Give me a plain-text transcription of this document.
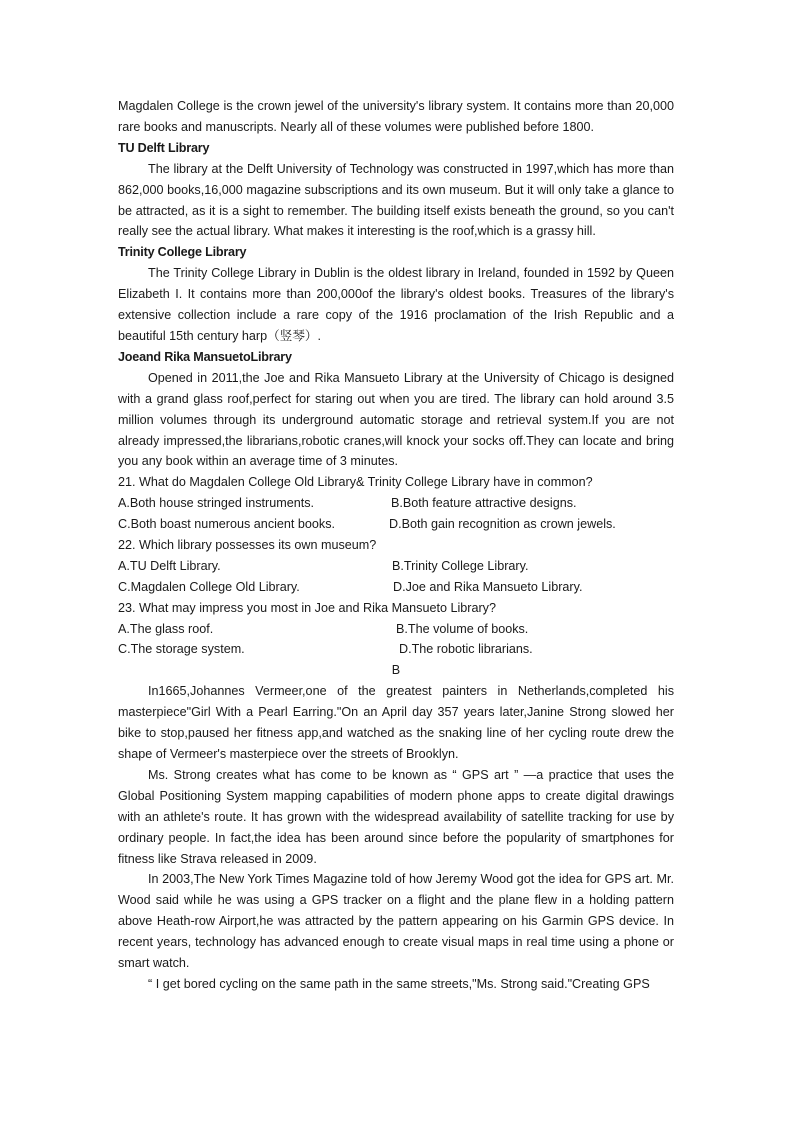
Magdalen College is the crown jewel of the university's library system. It contains more than 20,000 rare books and manuscripts. Nearly all of these volumes were published before 1800.

TU Delft Library

The library at the Delft University of Technology was constructed in 1997,which has more than 862,000 books,16,000 magazine subscriptions and its own museum. But it will only take a glance to be attracted, as it is a sight to remember. The building itself exists beneath the ground, so you can't really see the actual library. What makes it interesting is the roof,which is a grassy hill.

Trinity College Library

The Trinity College Library in Dublin is the oldest library in Ireland, founded in 1592 by Queen Elizabeth I. It contains more than 200,000of the library's oldest books. Treasures of the library's extensive collection include a rare copy of the 1916 proclamation of the Irish Republic and a beautiful 15th century harp（竖琴）.

Joeand Rika MansuetoLibrary

Opened in 2011,the Joe and Rika Mansueto Library at the University of Chicago is designed with a grand glass roof,perfect for staring out when you are tired. The library can hold around 3.5 million volumes through its underground automatic storage and retrieval system.If you are not already impressed,the librarians,robotic cranes,will knock your socks off.They can locate and bring you any book within an average time of 3 minutes.

21. What do Magdalen College Old Library& Trinity College Library have in common?

A.Both house stringed instruments.	B.Both feature attractive designs.
C.Both boast numerous ancient books.	D.Both gain recognition as crown jewels.

22. Which library possesses its own museum?

A.TU Delft Library.	B.Trinity College Library.
C.Magdalen College Old Library.	D.Joe and Rika Mansueto Library.

23. What may impress you most in Joe and Rika Mansueto Library?

A.The glass roof.	B.The volume of books.
C.The storage system.	D.The robotic librarians.

B

In1665,Johannes Vermeer,one of the greatest painters in Netherlands,completed his masterpiece"Girl With a Pearl Earring."On an April day 357 years later,Janine Strong slowed her bike to stop,paused her fitness app,and watched as the snaking line of her cycling route drew the shape of Vermeer's masterpiece over the streets of Brooklyn.

Ms. Strong creates what has come to be known as “ GPS art ” —a practice that uses the Global Positioning System mapping capabilities of modern phone apps to create digital drawings with an athlete's route. It has grown with the widespread availability of satellite tracking for use by ordinary people. In fact,the idea has been around since before the popularity of smartphones for fitness like Strava released in 2009.

In 2003,The New York Times Magazine told of how Jeremy Wood got the idea for GPS art. Mr. Wood said while he was using a GPS tracker on a flight and the plane flew in a holding pattern above Heath-row Airport,he was attracted by the pattern appearing on his Garmin GPS device. In recent years, technology has advanced enough to create visual maps in real time using a phone or smart watch.

“ I get bored cycling on the same path in the same streets,"Ms. Strong said."Creating GPS
